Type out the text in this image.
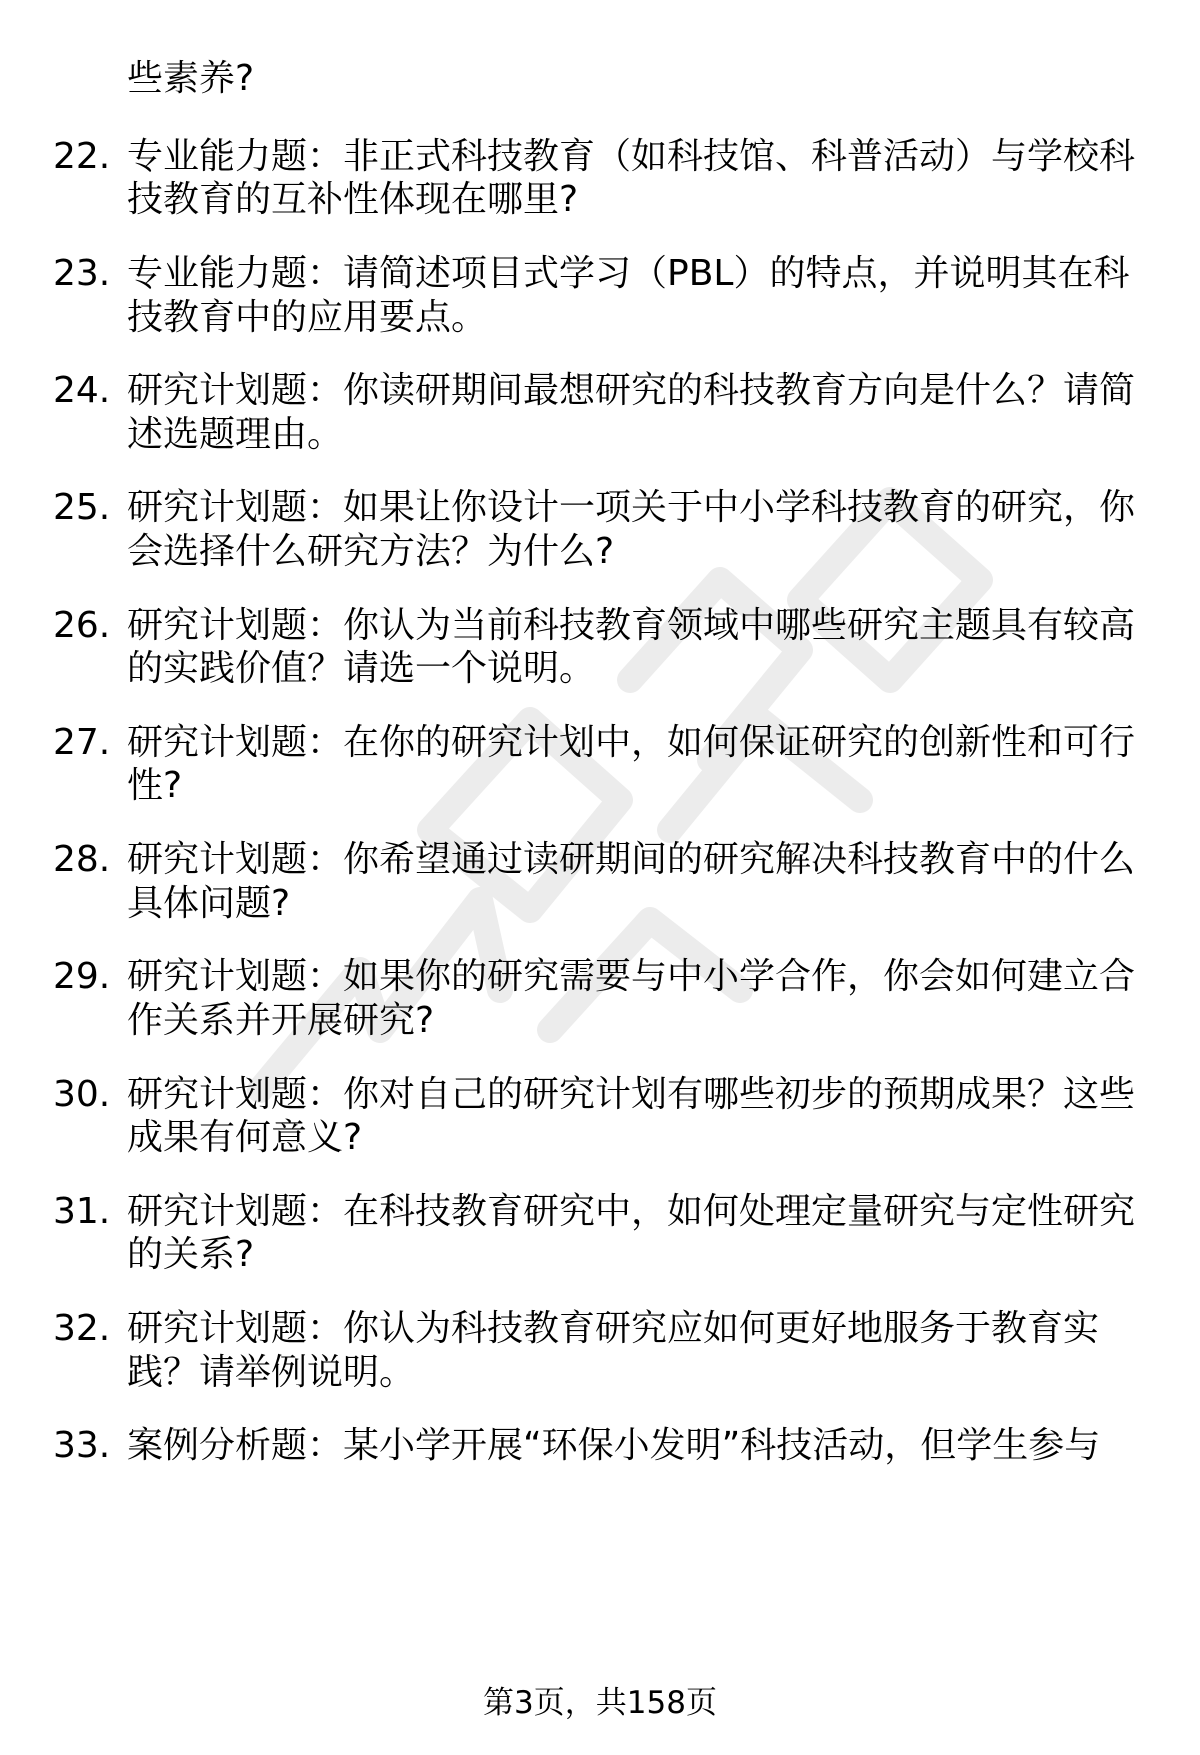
些素养?
22. 专业能力题：非正式科技教育（如科技馆、科普活动）与学校科
技教育的互补性体现在哪里?
23. 专业能力题：请简述项目式学习（PBL）的特点，并说明其在科
技教育中的应用要点。
24. 研究计划题：你读研期间最想研究的科技教育方向是什么？请简
述选题理由。
25. 研究计划题：如果让你设计一项关于中小学科技教育的研究，你
会选择什么研究方法？为什么?
26. 研究计划题：你认为当前科技教育领域中哪些研究主题具有较高
的实践价值？请选一个说明。
27. 研究计划题：在你的研究计划中，如何保证研究的创新性和可行
性?
28. 研究计划题：你希望通过读研期间的研究解决科技教育中的什么
具体问题?
29. 研究计划题：如果你的研究需要与中小学合作，你会如何建立合
作关系并开展研究?
30. 研究计划题：你对自己的研究计划有哪些初步的预期成果？这些
成果有何意义?
31. 研究计划题：在科技教育研究中，如何处理定量研究与定性研究
的关系?
32. 研究计划题：你认为科技教育研究应如何更好地服务于教育实
践？请举例说明。
33. 案例分析题：某小学开展“环保小发明”科技活动，但学生参与
第3页，共158页
